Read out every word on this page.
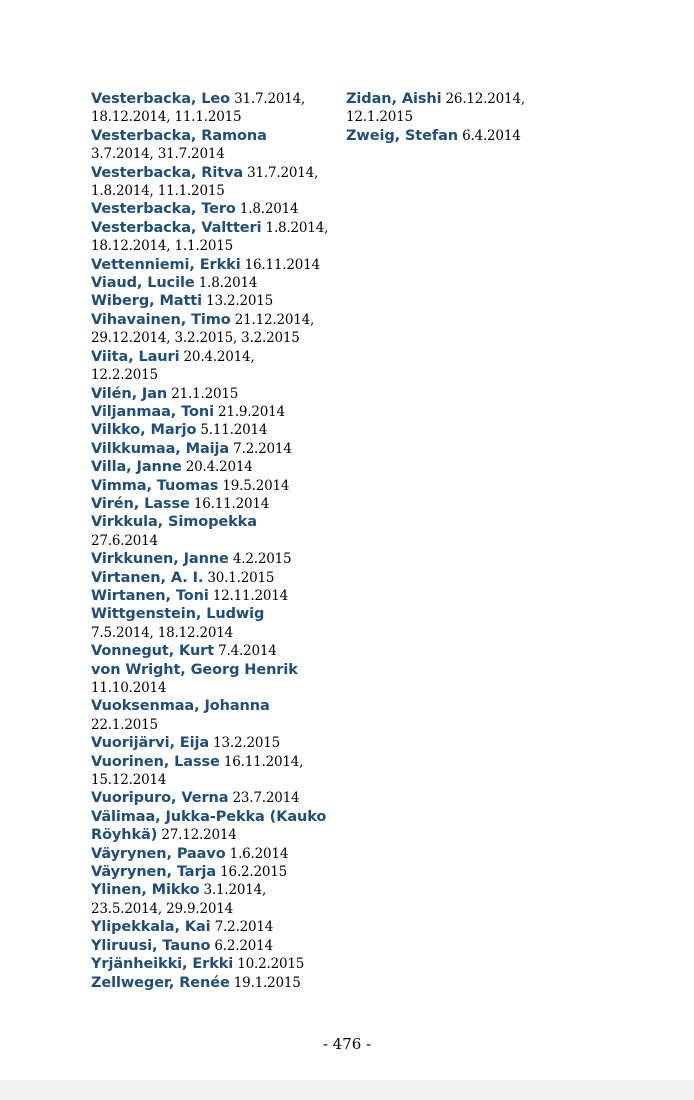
Vesterbacka, Leo 31.7.2014,
18.12.2014, 11.1.2015
Vesterbacka, Ramona
3.7.2014, 31.7.2014
Vesterbacka, Ritva 31.7.2014,
1.8.2014, 11.1.2015
Vesterbacka, Tero 1.8.2014
Vesterbacka, Valtteri 1.8.2014,
18.12.2014, 1.1.2015
Vettenniemi, Erkki 16.11.2014
Viaud, Lucile 1.8.2014
Wiberg, Matti 13.2.2015
Vihavainen, Timo 21.12.2014,
29.12.2014, 3.2.2015, 3.2.2015
Viita, Lauri 20.4.2014,
12.2.2015
Vilén, Jan 21.1.2015
Viljanmaa, Toni 21.9.2014
Vilkko, Marjo 5.11.2014
Vilkkumaa, Maija 7.2.2014
Villa, Janne 20.4.2014
Vimma, Tuomas 19.5.2014
Virén, Lasse 16.11.2014
Virkkula, Simopekka
27.6.2014
Virkkunen, Janne 4.2.2015
Virtanen, A. I. 30.1.2015
Wirtanen, Toni 12.11.2014
Wittgenstein, Ludwig
7.5.2014, 18.12.2014
Vonnegut, Kurt 7.4.2014
von Wright, Georg Henrik
11.10.2014
Vuoksenmaa, Johanna
22.1.2015
Vuorijärvi, Eija 13.2.2015
Vuorinen, Lasse 16.11.2014,
15.12.2014
Vuoripuro, Verna 23.7.2014
Välimaa, Jukka-Pekka (Kauko
Röyhkä) 27.12.2014
Väyrynen, Paavo 1.6.2014
Väyrynen, Tarja 16.2.2015
Ylinen, Mikko 3.1.2014,
23.5.2014, 29.9.2014
Ylipekkala, Kai 7.2.2014
Yliruusi, Tauno 6.2.2014
Yrjänheikki, Erkki 10.2.2015
Zellweger, Renée 19.1.2015
Zidan, Aishi 26.12.2014,
12.1.2015
Zweig, Stefan 6.4.2014
- 476 -
